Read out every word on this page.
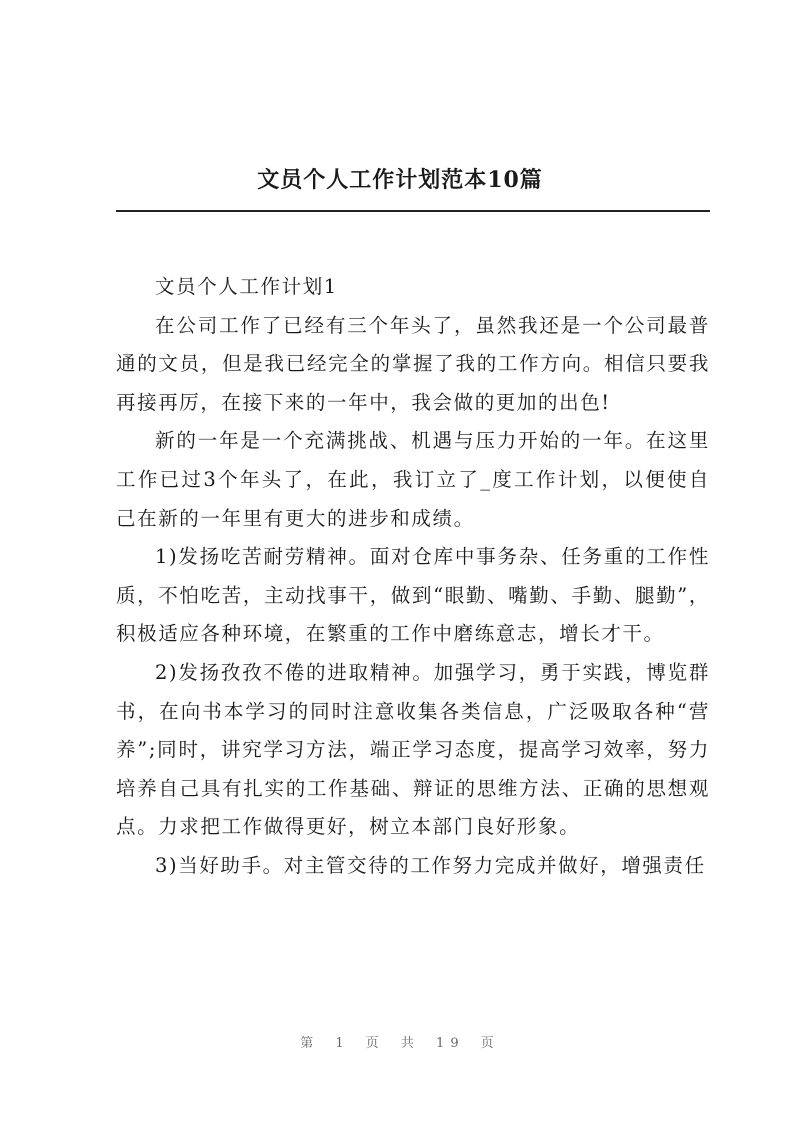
文员个人工作计划范本10篇

文员个人工作计划1

在公司工作了已经有三个年头了，虽然我还是一个公司最普通的文员，但是我已经完全的掌握了我的工作方向。相信只要我再接再厉，在接下来的一年中，我会做的更加的出色!

新的一年是一个充满挑战、机遇与压力开始的一年。在这里工作已过3个年头了，在此，我订立了_度工作计划，以便使自己在新的一年里有更大的进步和成绩。

1)发扬吃苦耐劳精神。面对仓库中事务杂、任务重的工作性质，不怕吃苦，主动找事干，做到“眼勤、嘴勤、手勤、腿勤”，积极适应各种环境，在繁重的工作中磨练意志，增长才干。

2)发扬孜孜不倦的进取精神。加强学习，勇于实践，博览群书，在向书本学习的同时注意收集各类信息，广泛吸取各种“营养”;同时，讲究学习方法，端正学习态度，提高学习效率，努力培养自己具有扎实的工作基础、辩证的思维方法、正确的思想观点。力求把工作做得更好，树立本部门良好形象。

3)当好助手。对主管交待的工作努力完成并做好，增强责任

第 1 页 共 19 页
